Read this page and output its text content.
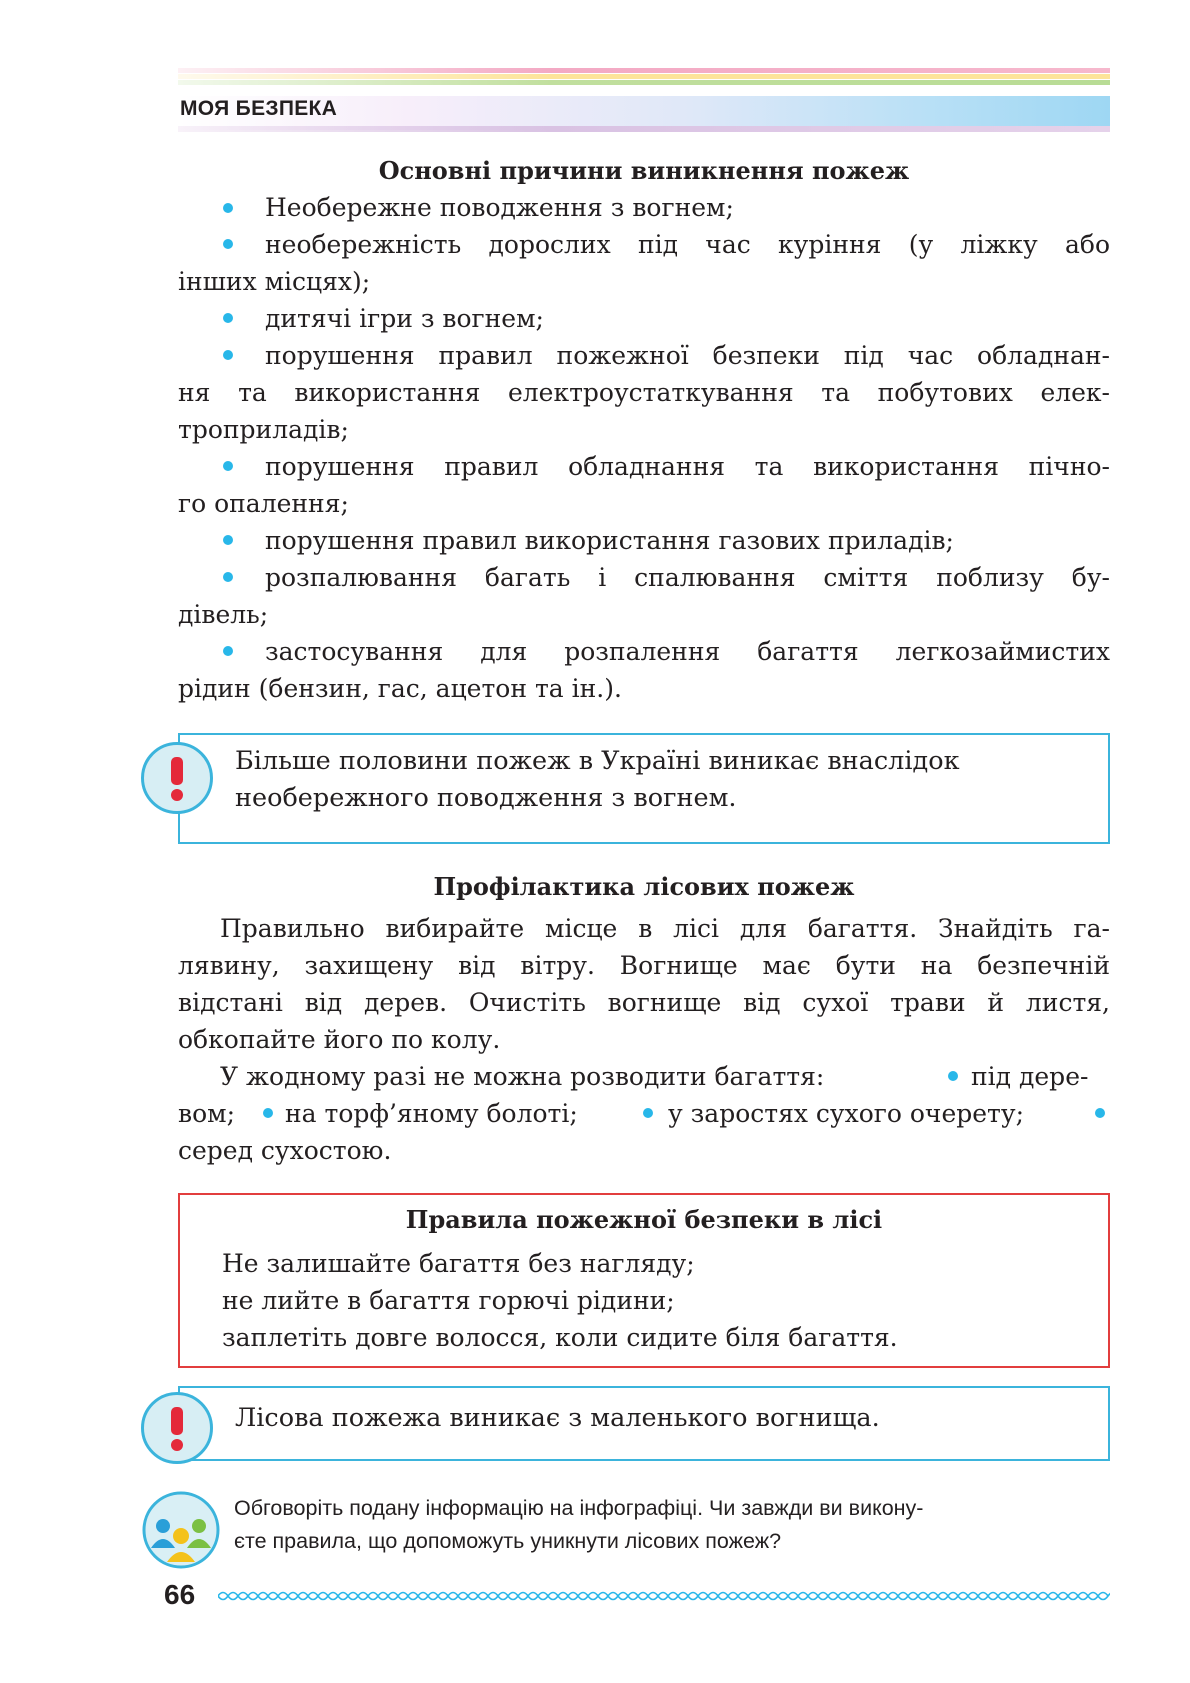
МОЯ БЕЗПЕКА
Основні причини виникнення пожеж
Необережне поводження з вогнем;
необережність дорослих під час куріння (у ліжку або
інших місцях);
дитячі ігри з вогнем;
порушення правил пожежної безпеки під час обладнан-
ня та використання електроустаткування та побутових елек-
троприладів;
порушення правил обладнання та використання пічно-
го опалення;
порушення правил використання газових приладів;
розпалювання багать і спалювання сміття поблизу бу-
дівель;
застосування для розпалення багаття легкозаймистих
рідин (бензин, гас, ацетон та ін.).
Більше половини пожеж в Україні виникає внаслідок
необережного поводження з вогнем.
Профілактика лісових пожеж
Правильно вибирайте місце в лісі для багаття. Знайдіть га-
лявину, захищену від вітру. Вогнище має бути на безпечній
відстані від дерев. Очистіть вогнище від сухої трави й листя,
обкопайте його по колу.
У жодному разі не можна розводити багаття:	під дере-
вом; на торф’яному болоті;	у заростях сухого очерету;
серед сухостою.
Правила пожежної безпеки в лісі
Не залишайте багаття без нагляду;
не лийте в багаття горючі рідини;
заплетіть довге волосся, коли сидите біля багаття.
Лісова пожежа виникає з маленького вогнища.
Обговоріть подану інформацію на інфографіці. Чи завжди ви викону-
єте правила, що допоможуть уникнути лісових пожеж?
66
